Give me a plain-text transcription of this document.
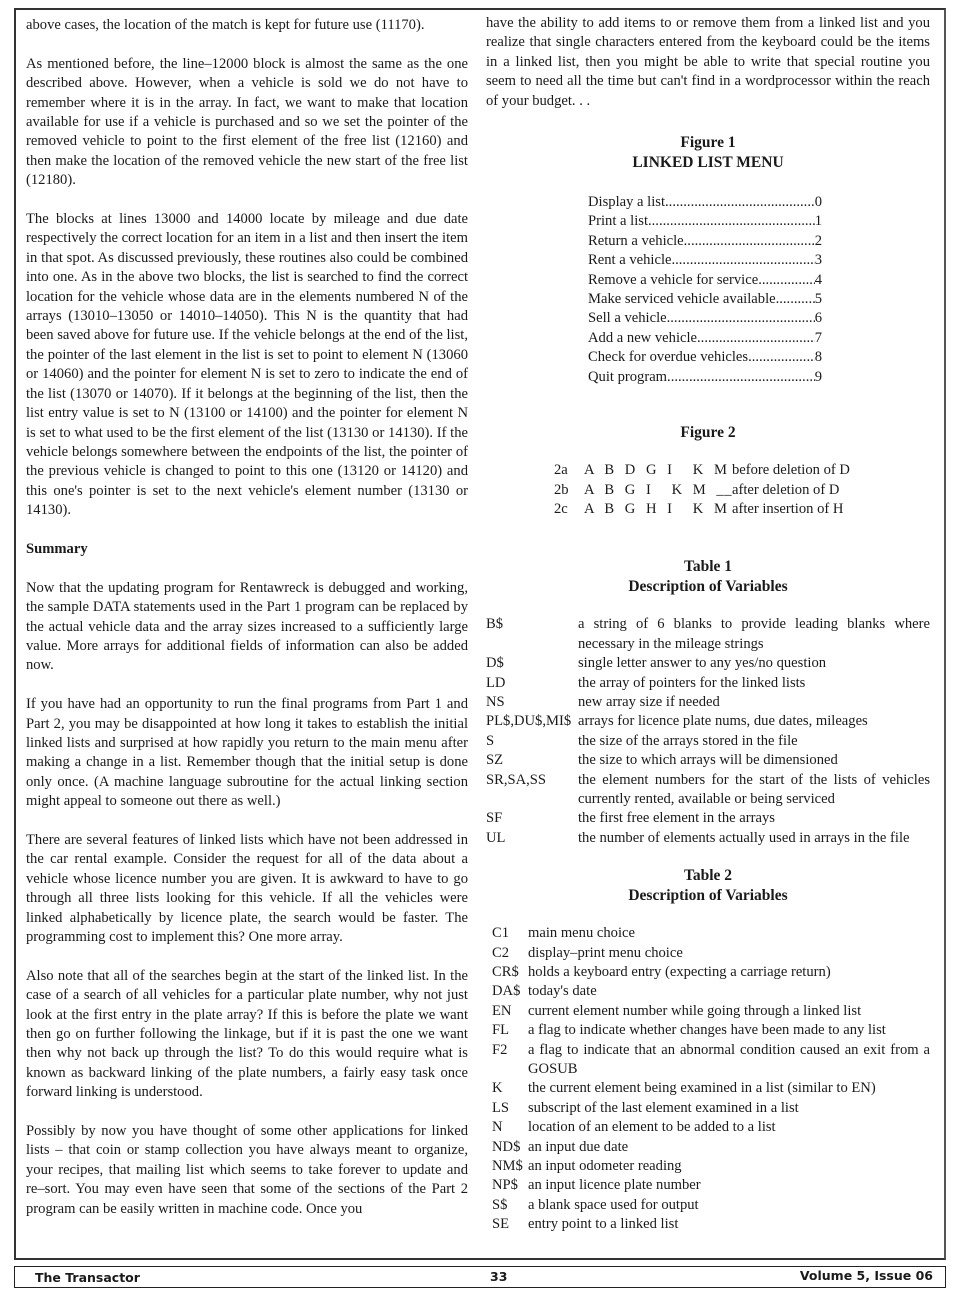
above cases, the location of the match is kept for future use (11170).

As mentioned before, the line–12000 block is almost the same as the one described above. However, when a vehicle is sold we do not have to remember where it is in the array. In fact, we want to make that location available for use if a vehicle is purchased and so we set the pointer of the removed vehicle to point to the first element of the free list (12160) and then make the location of the removed vehicle the new start of the free list (12180).

The blocks at lines 13000 and 14000 locate by mileage and due date respectively the correct location for an item in a list and then insert the item in that spot. As discussed previously, these routines also could be combined into one. As in the above two blocks, the list is searched to find the correct location for the vehicle whose data are in the elements numbered N of the arrays (13010–13050 or 14010–14050). This N is the quantity that had been saved above for future use. If the vehicle belongs at the end of the list, the pointer of the last element in the list is set to point to element N (13060 or 14060) and the pointer for element N is set to zero to indicate the end of the list (13070 or 14070). If it belongs at the beginning of the list, then the list entry value is set to N (13100 or 14100) and the pointer for element N is set to what used to be the first element of the list (13130 or 14130). If the vehicle belongs somewhere between the endpoints of the list, the pointer of the previous vehicle is changed to point to this one (13120 or 14120) and this one's pointer is set to the next vehicle's element number (13130 or 14130).

Summary

Now that the updating program for Rentawreck is debugged and working, the sample DATA statements used in the Part 1 program can be replaced by the actual vehicle data and the array sizes increased to a sufficiently large value. More arrays for additional fields of information can also be added now.

If you have had an opportunity to run the final programs from Part 1 and Part 2, you may be disappointed at how long it takes to establish the initial linked lists and surprised at how rapidly you return to the main menu after making a change in a list. Remember though that the initial setup is done only once. (A machine language subroutine for the actual linking section might appeal to someone out there as well.)

There are several features of linked lists which have not been addressed in the car rental example. Consider the request for all of the data about a vehicle whose licence number you are given. It is awkward to have to go through all three lists looking for this vehicle. If all the vehicles were linked alphabetically by licence plate, the search would be faster. The programming cost to implement this? One more array.

Also note that all of the searches begin at the start of the linked list. In the case of a search of all vehicles for a particular plate number, why not just look at the first entry in the plate array? If this is before the plate we want then go on further following the linkage, but if it is past the one we want then why not back up through the list? To do this would require what is known as backward linking of the plate numbers, a fairly easy task once forward linking is understood.

Possibly by now you have thought of some other applications for linked lists – that coin or stamp collection you have always meant to organize, your recipes, that mailing list which seems to take forever to update and re–sort. You may even have seen that some of the sections of the Part 2 program can be easily written in machine code. Once you

have the ability to add items to or remove them from a linked list and you realize that single characters entered from the keyboard could be the items in a linked list, then you might be able to write that special routine you seem to need all the time but can't find in a wordprocessor within the reach of your budget. . .

Figure 1

LINKED LIST MENU

Display a list .....	0
Print a list .....	1
Return a vehicle .....	2
Rent a vehicle .....	3
Remove a vehicle for service .....	4
Make serviced vehicle available .....	5
Sell a vehicle .....	6
Add a new vehicle .....	7
Check for overdue vehicles .....	8
Quit program .....	9

Figure 2

2a	A B D G I  K M before deletion of D
2b	A B G I  K M __ after deletion of D
2c	A B G H I  K M after insertion of H

Table 1

Description of Variables

B$	a string of 6 blanks to provide leading blanks where necessary in the mileage strings
D$	single letter answer to any yes/no question
LD	the array of pointers for the linked lists
NS	new array size if needed
PL$,DU$,MI$ arrays for licence plate nums, due dates, mileages
S	the size of the arrays stored in the file
SZ	the size to which arrays will be dimensioned
SR,SA,SS	the element numbers for the start of the lists of vehicles currently rented, available or being serviced
SF	the first free element in the arrays
UL	the number of elements actually used in arrays in the file

Table 2

Description of Variables

C1	main menu choice
C2	display–print menu choice
CR$ holds a keyboard entry (expecting a carriage return)
DA$ today's date
EN	current element number while going through a linked list
FL	a flag to indicate whether changes have been made to any list
F2	a flag to indicate that an abnormal condition caused an exit from a GOSUB
K	the current element being examined in a list (similar to EN)
LS	subscript of the last element examined in a list
N	location of an element to be added to a list
ND$ an input due date
NM$ an input odometer reading
NP$ an input licence plate number
S$	a blank space used for output
SE	entry point to a linked list
The Transactor	33	Volume 5, Issue 06
